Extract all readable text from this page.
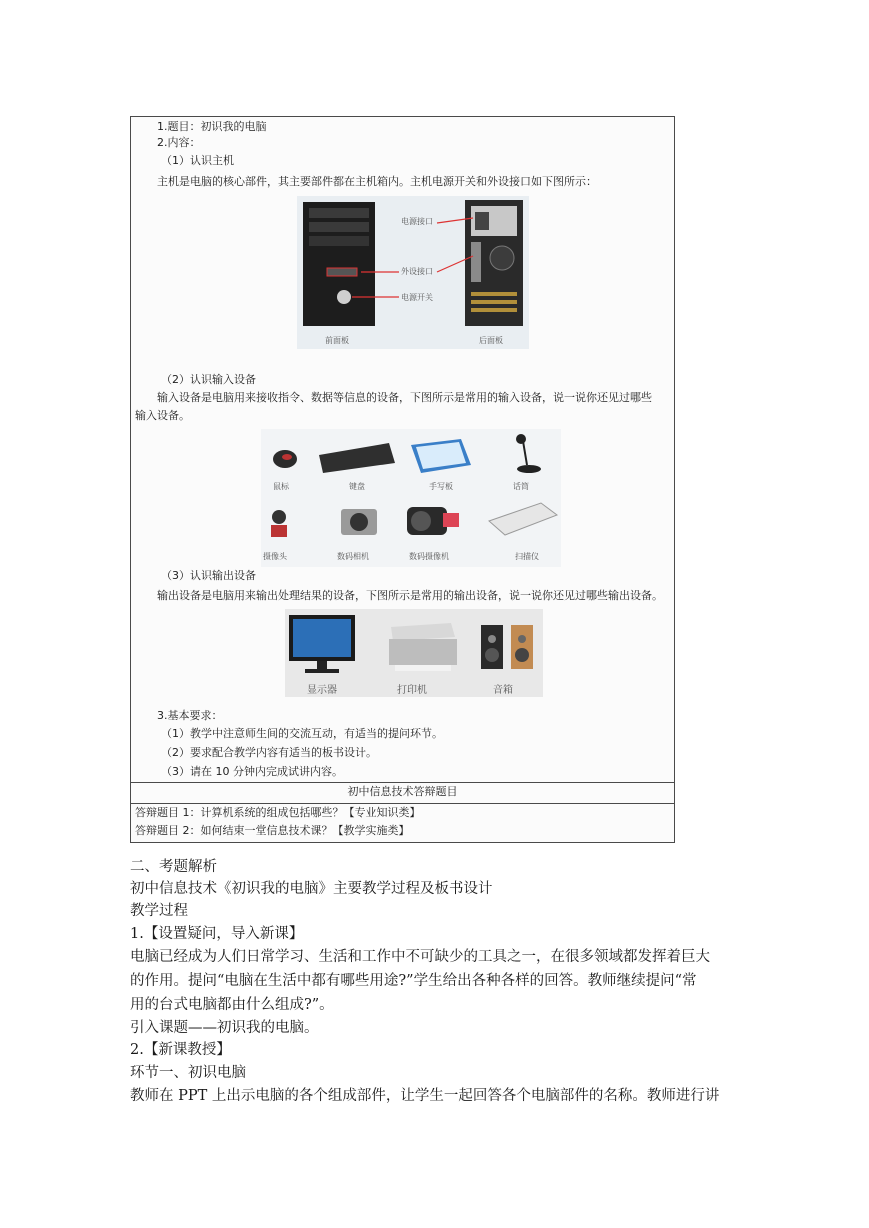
1.题目：初识我的电脑
2.内容：
（1）认识主机
主机是电脑的核心部件，其主要部件都在主机箱内。主机电源开关和外设接口如下图所示：
电源接口
外设接口
电源开关
前面板	后面板
（2）认识输入设备
输入设备是电脑用来接收指令、数据等信息的设备，下图所示是常用的输入设备，说一说你还见过哪些
输入设备。
鼠标	键盘	手写板	话筒
摄像头	数码相机	数码摄像机	扫描仪
（3）认识输出设备
输出设备是电脑用来输出处理结果的设备，下图所示是常用的输出设备，说一说你还见过哪些输出设备。
显示器	打印机	音箱
3.基本要求：
（1）教学中注意师生间的交流互动，有适当的提问环节。
（2）要求配合教学内容有适当的板书设计。
（3）请在 10 分钟内完成试讲内容。
初中信息技术答辩题目
答辩题目 1：计算机系统的组成包括哪些？【专业知识类】
答辩题目 2：如何结束一堂信息技术课？【教学实施类】
二、考题解析
初中信息技术《初识我的电脑》主要教学过程及板书设计
教学过程
1.【设置疑问，导入新课】
电脑已经成为人们日常学习、生活和工作中不可缺少的工具之一，在很多领域都发挥着巨大
的作用。提问“电脑在生活中都有哪些用途?”学生给出各种各样的回答。教师继续提问“常
用的台式电脑都由什么组成?”。
引入课题——初识我的电脑。
2.【新课教授】
环节一、初识电脑
教师在 PPT 上出示电脑的各个组成部件，让学生一起回答各个电脑部件的名称。教师进行讲
